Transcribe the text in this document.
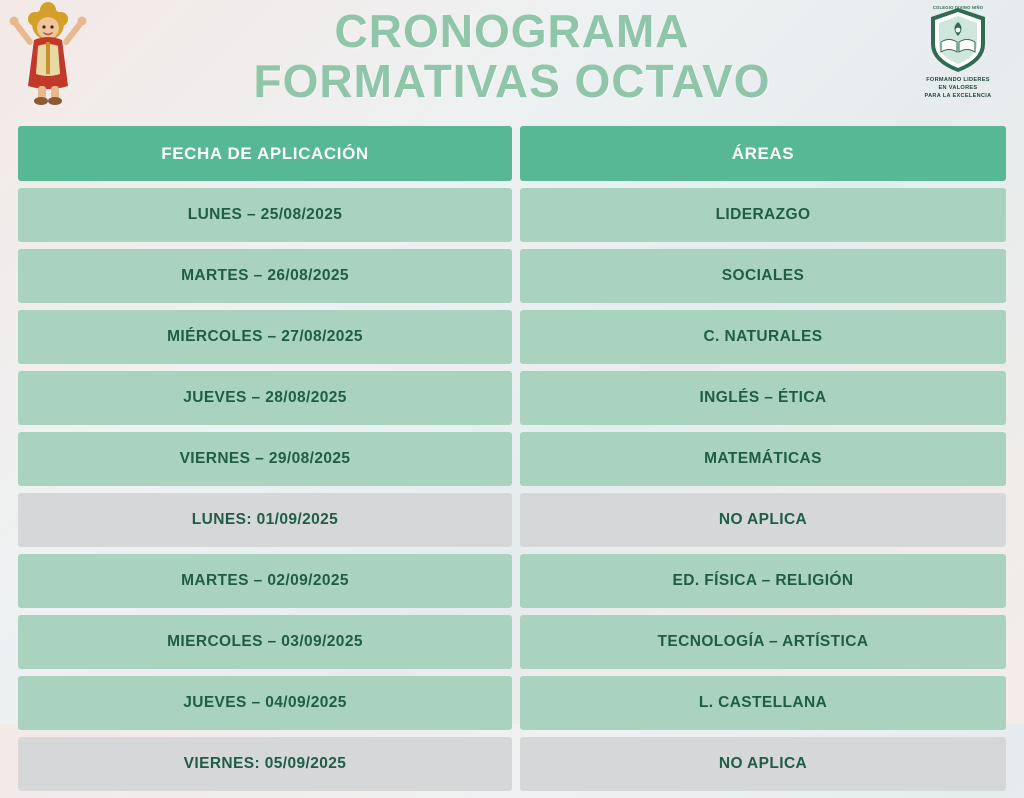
CRONOGRAMA
FORMATIVAS OCTAVO
COLEGIO DIVINO NIÑO
FORMANDO LIDERES
EN VALORES
PARA LA EXCELENCIA
FECHA DE APLICACIÓN	ÁREAS
LUNES – 25/08/2025	LIDERAZGO
MARTES – 26/08/2025	SOCIALES
MIÉRCOLES – 27/08/2025	C. NATURALES
JUEVES – 28/08/2025	INGLÉS – ÉTICA
VIERNES – 29/08/2025	MATEMÁTICAS
LUNES: 01/09/2025	NO APLICA
MARTES – 02/09/2025	ED. FÍSICA – RELIGIÓN
MIERCOLES – 03/09/2025	TECNOLOGÍA – ARTÍSTICA
JUEVES – 04/09/2025	L. CASTELLANA
VIERNES: 05/09/2025	NO APLICA
